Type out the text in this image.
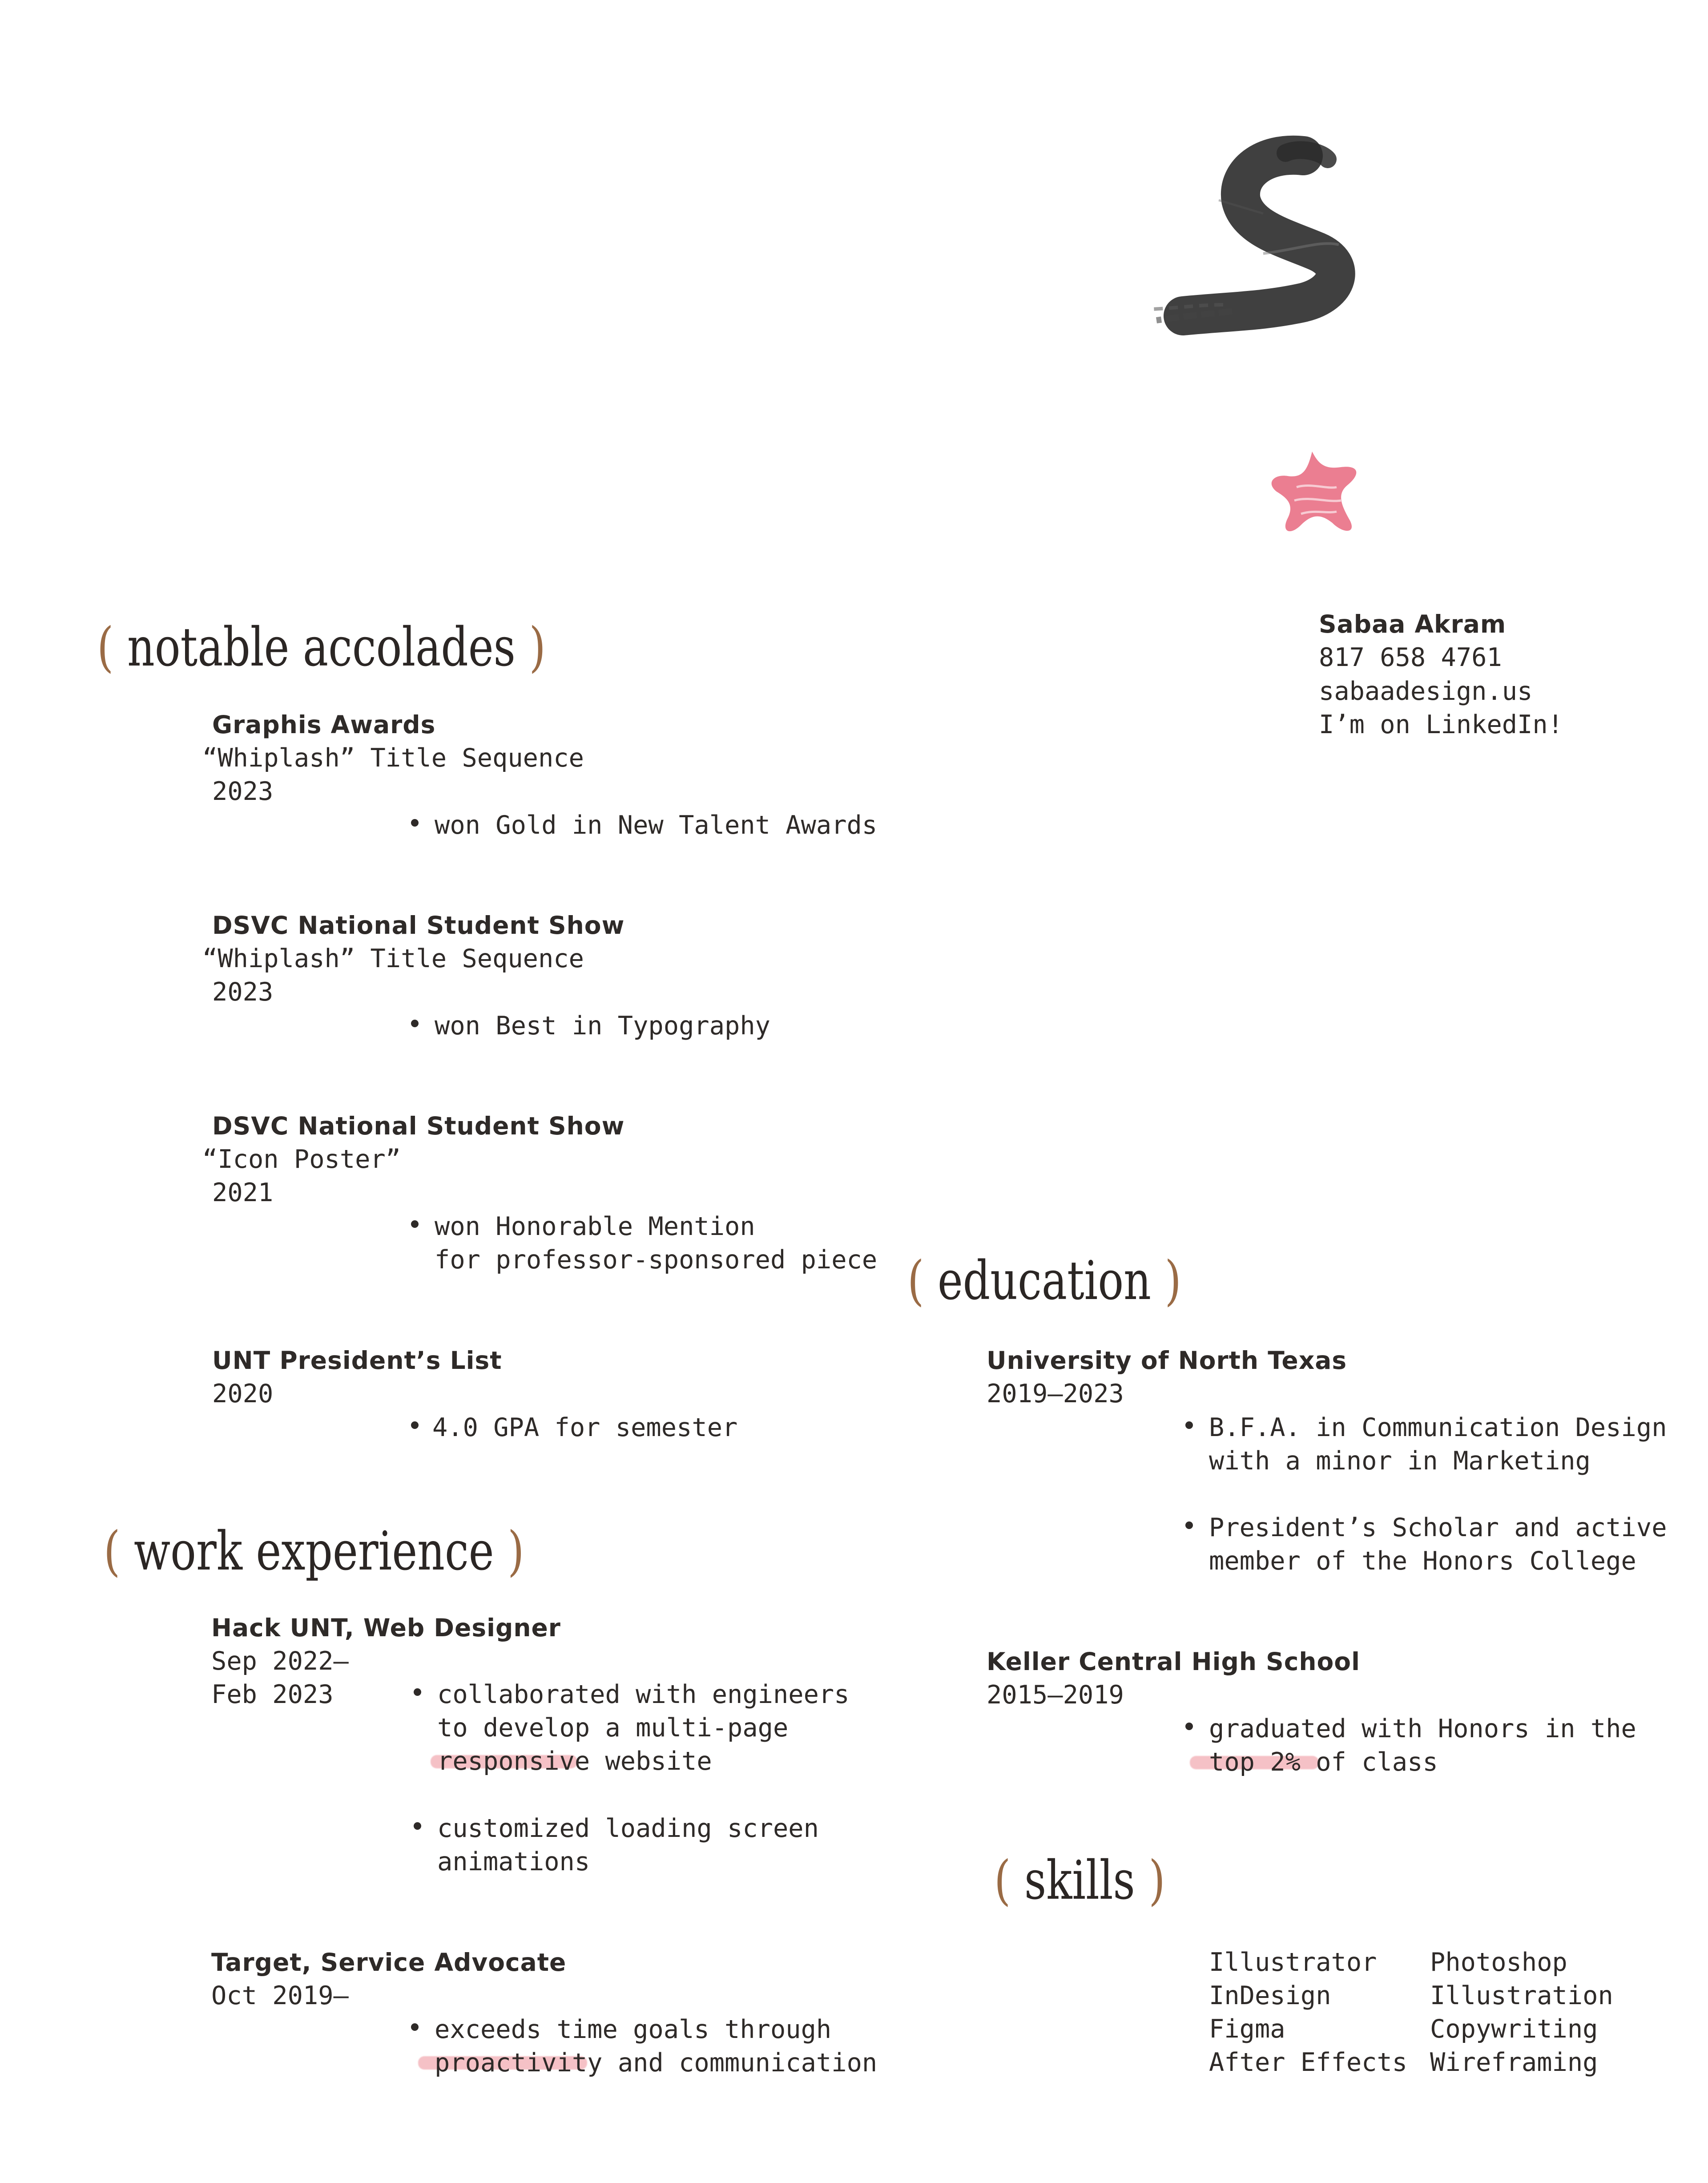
Sabaa Akram
817 658 4761
sabaadesign.us
I’m on LinkedIn!
( notable accolades )
Graphis Awards
“Whiplash” Title Sequence
2023
won Gold in New Talent Awards
DSVC National Student Show
“Whiplash” Title Sequence
2023
won Best in Typography
DSVC National Student Show
“Icon Poster”
2021
won Honorable Mention
for professor-sponsored piece
UNT President’s List
2020
4.0 GPA for semester
( work experience )
Hack UNT, Web Designer
Sep 2022–
Feb 2023	collaborated with engineers
to develop a multi-page
responsive website
customized loading screen
animations
Target, Service Advocate
Oct 2019–
exceeds time goals through
proactivity and communication
( education )
University of North Texas
2019–2023
B.F.A. in Communication Design
with a minor in Marketing
President’s Scholar and active
member of the Honors College
Keller Central High School
2015–2019
graduated with Honors in the
top 2% of class
( skills )
Illustrator
InDesign
Figma
After Effects
Photoshop
Illustration
Copywriting
Wireframing
